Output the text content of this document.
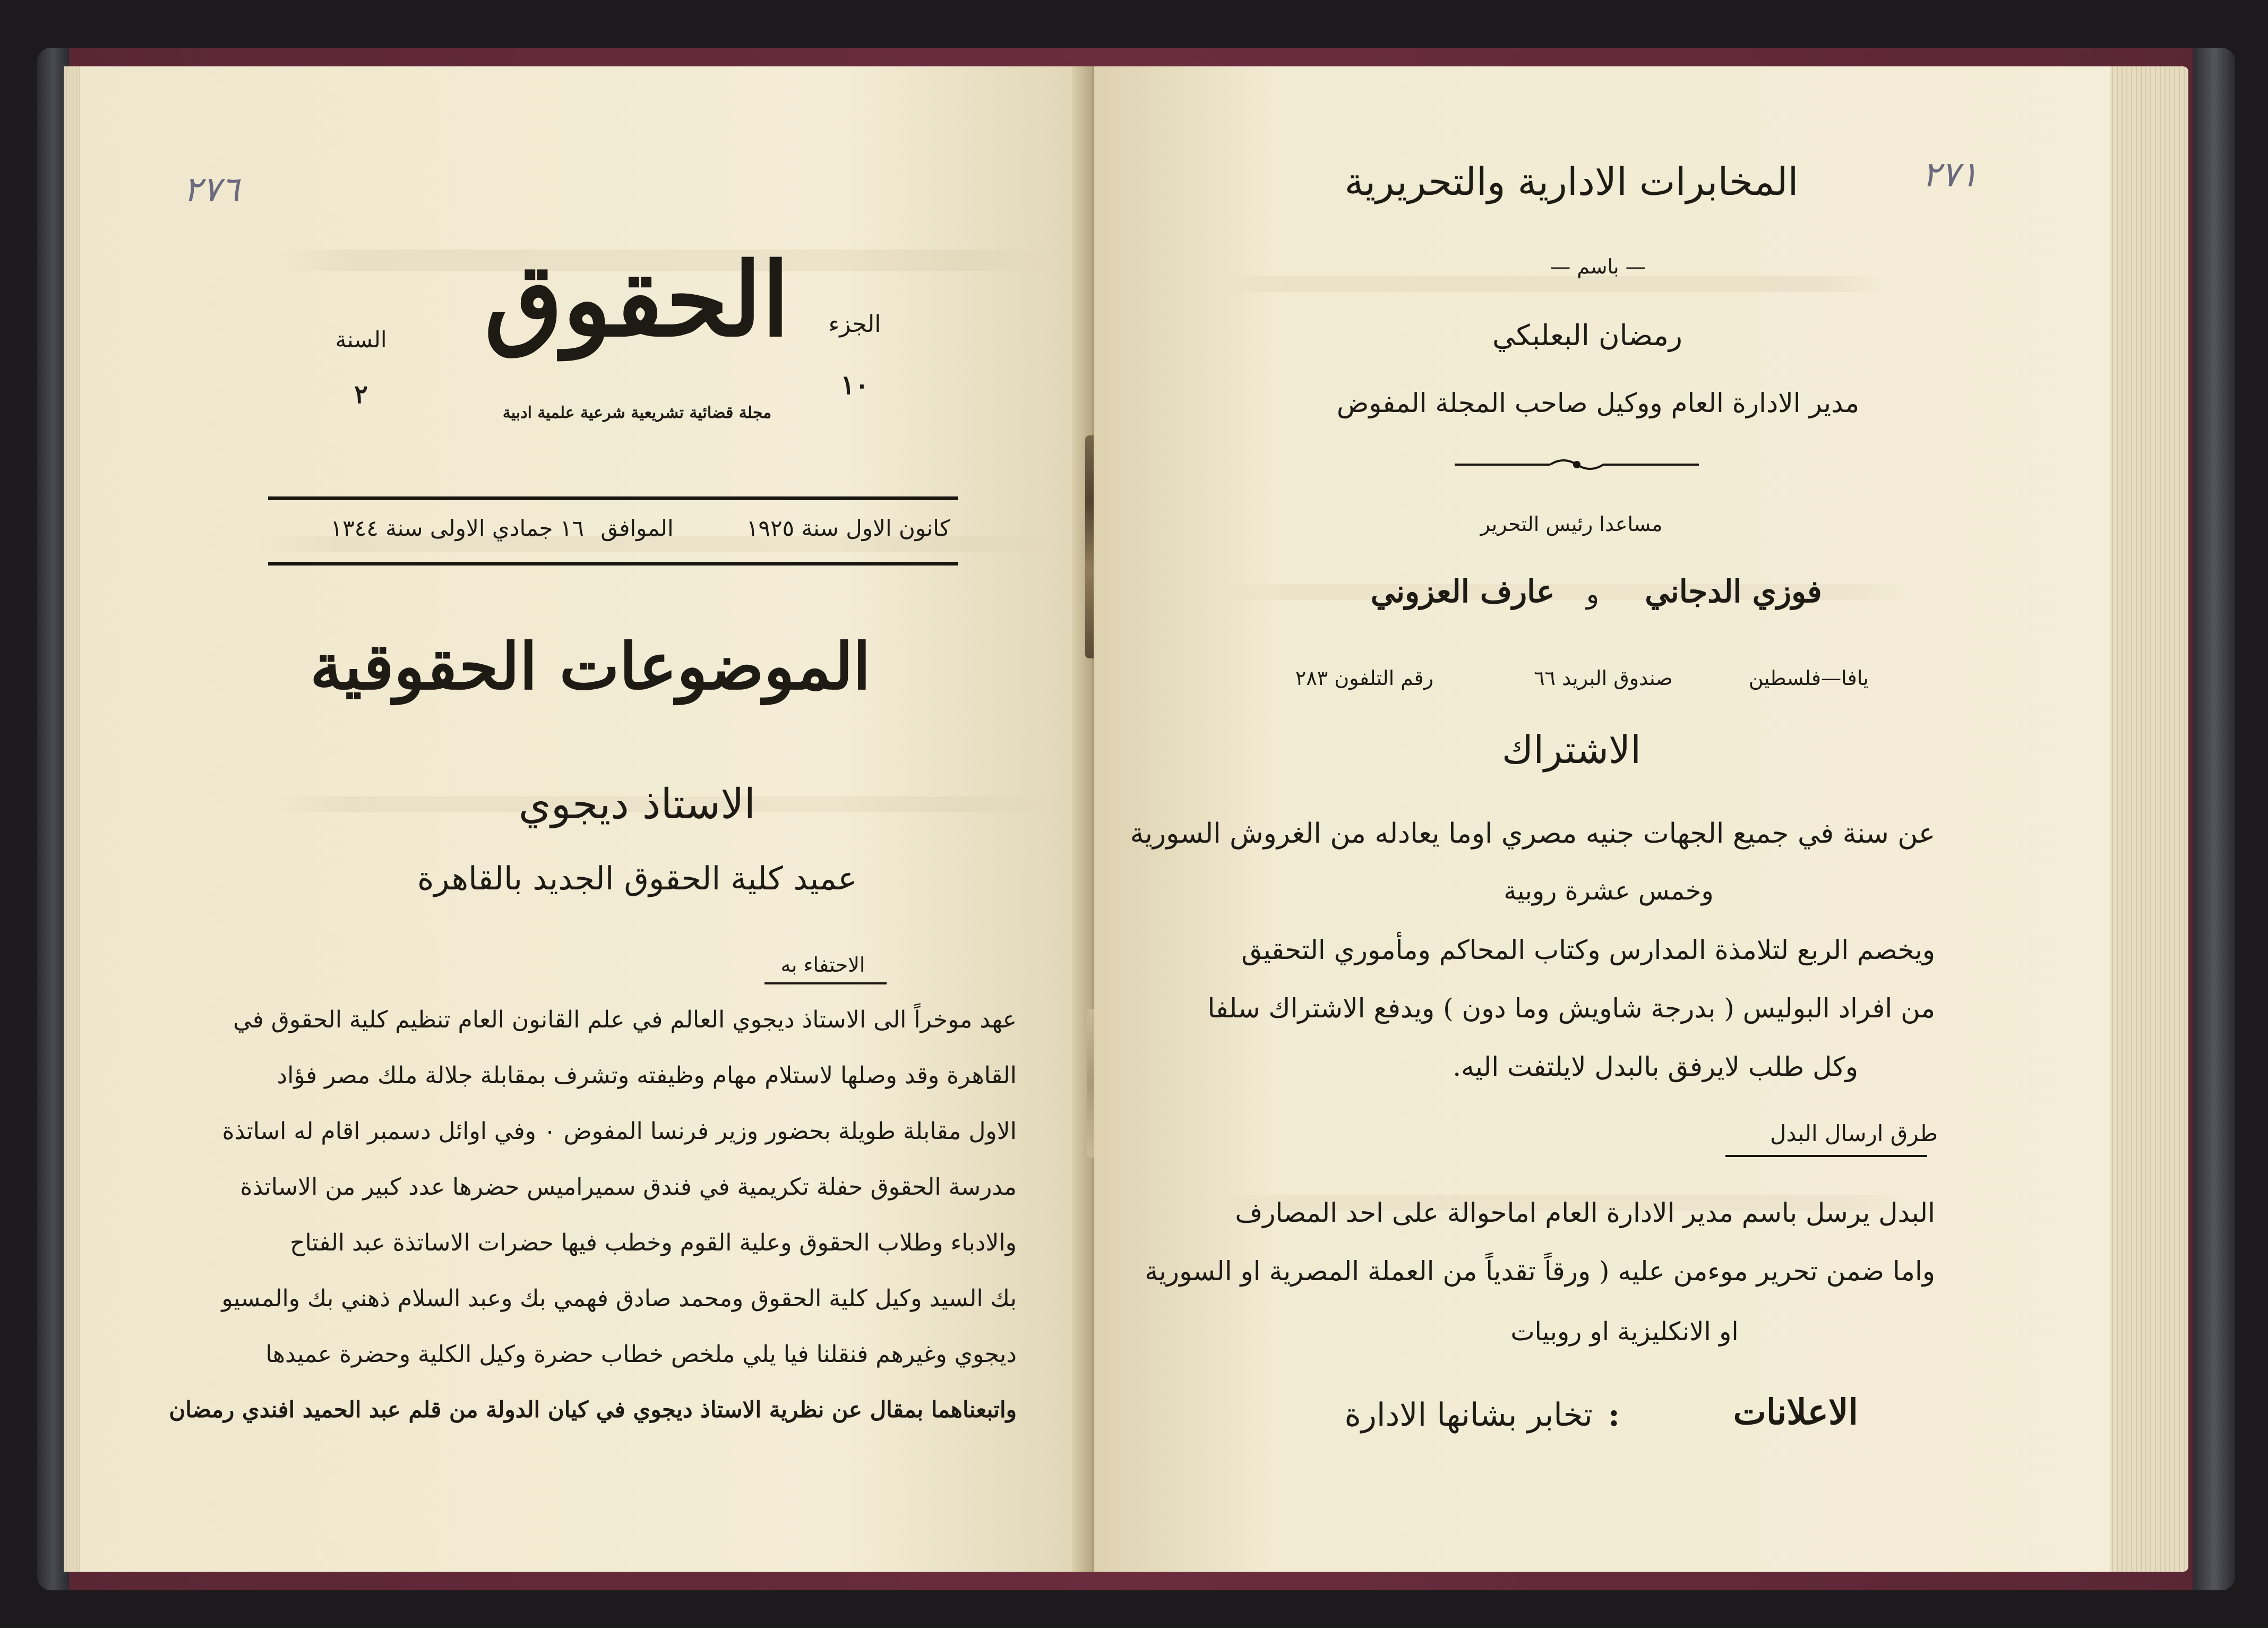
٢٧٦
الحقوق
مجلة قضائية تشريعية شرعية علمية ادبية
الجزء
١٠
السنة
٢
كانون الاول سنة ١٩٢٥
الموافق
١٦ جمادي الاولى سنة ١٣٤٤
الموضوعات الحقوقية
الاستاذ ديجوي
عميد كلية الحقوق الجديد بالقاهرة
الاحتفاء به
عهد موخراً الى الاستاذ ديجوي العالم في علم القانون العام تنظيم كلية الحقوق في
القاهرة وقد وصلها لاستلام مهام وظيفته وتشرف بمقابلة جلالة ملك مصر فؤاد
الاول مقابلة طويلة بحضور وزير فرنسا المفوض ٠ وفي اوائل دسمبر اقام له اساتذة
مدرسة الحقوق حفلة تكريمية في فندق سميراميس حضرها عدد كبير من الاساتذة
والادباء وطلاب الحقوق وعلية القوم وخطب فيها حضرات الاساتذة عبد الفتاح
بك السيد وكيل كلية الحقوق ومحمد صادق فهمي بك وعبد السلام ذهني بك والمسيو
ديجوي وغيرهم فنقلنا فيا يلي ملخص خطاب حضرة وكيل الكلية وحضرة عميدها
واتبعناهما بمقال عن نظرية الاستاذ ديجوي في كيان الدولة من قلم عبد الحميد افندي رمضان
٢٧١
المخابرات الادارية والتحريرية
— باسم —
رمضان البعلبكي
مدير الادارة العام ووكيل صاحب المجلة المفوض
مساعدا رئيس التحرير
فوزي الدجاني
و
عارف العزوني
يافا—فلسطين
صندوق البريد ٦٦
رقم التلفون ٢٨٣
الاشتراك
عن سنة في جميع الجهات جنيه مصري اوما يعادله من الغروش السورية
وخمس عشرة روبية
ويخصم الربع لتلامذة المدارس وكتاب المحاكم ومأموري التحقيق
من افراد البوليس ( بدرجة شاويش وما دون ) ويدفع الاشتراك سلفا
وكل طلب لايرفق بالبدل لايلتفت اليه.
طرق ارسال البدل
البدل يرسل باسم مدير الادارة العام اماحوالة على احد المصارف
واما ضمن تحرير موءمن عليه ( ورقاً تقدياً من العملة المصرية او السورية
او الانكليزية او روبيات
الاعلانات
:
تخابر بشانها الادارة
